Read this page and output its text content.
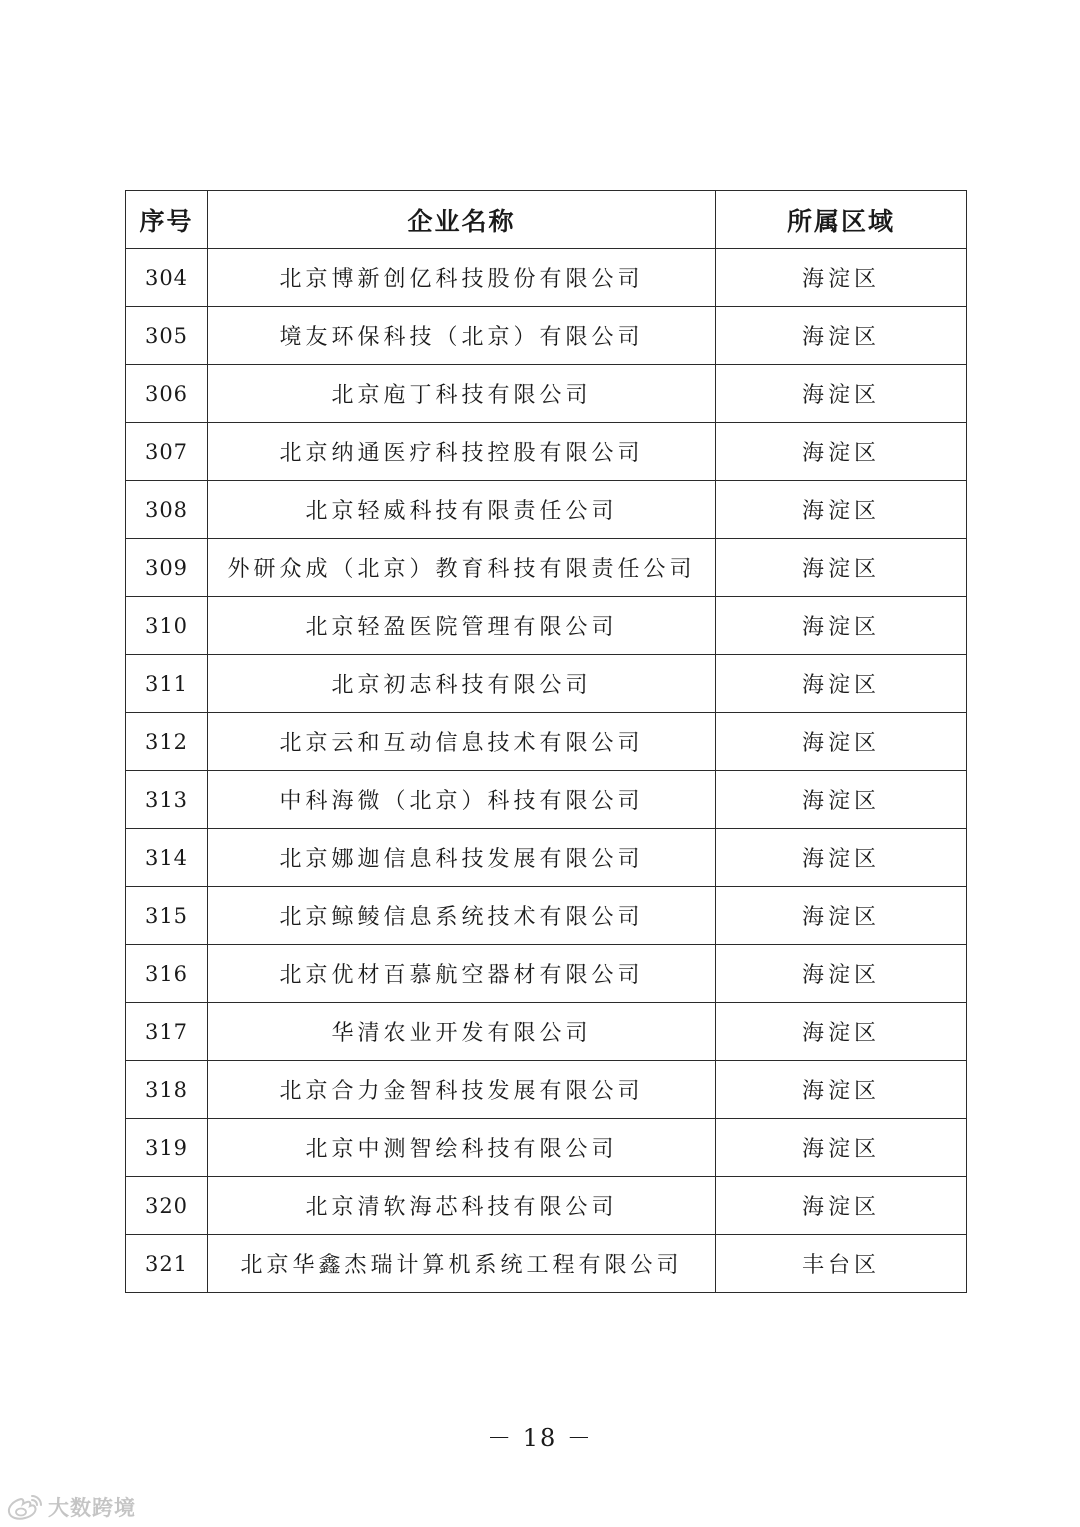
序号	企业名称	所属区域
304	北京博新创亿科技股份有限公司	海淀区
305	境友环保科技（北京）有限公司	海淀区
306	北京庖丁科技有限公司	海淀区
307	北京纳通医疗科技控股有限公司	海淀区
308	北京轻威科技有限责任公司	海淀区
309	外研众成（北京）教育科技有限责任公司	海淀区
310	北京轻盈医院管理有限公司	海淀区
311	北京初志科技有限公司	海淀区
312	北京云和互动信息技术有限公司	海淀区
313	中科海微（北京）科技有限公司	海淀区
314	北京娜迦信息科技发展有限公司	海淀区
315	北京鲸鲮信息系统技术有限公司	海淀区
316	北京优材百慕航空器材有限公司	海淀区
317	华清农业开发有限公司	海淀区
318	北京合力金智科技发展有限公司	海淀区
319	北京中测智绘科技有限公司	海淀区
320	北京清软海芯科技有限公司	海淀区
321	北京华鑫杰瑞计算机系统工程有限公司	丰台区
－ 18 －
大数跨境
